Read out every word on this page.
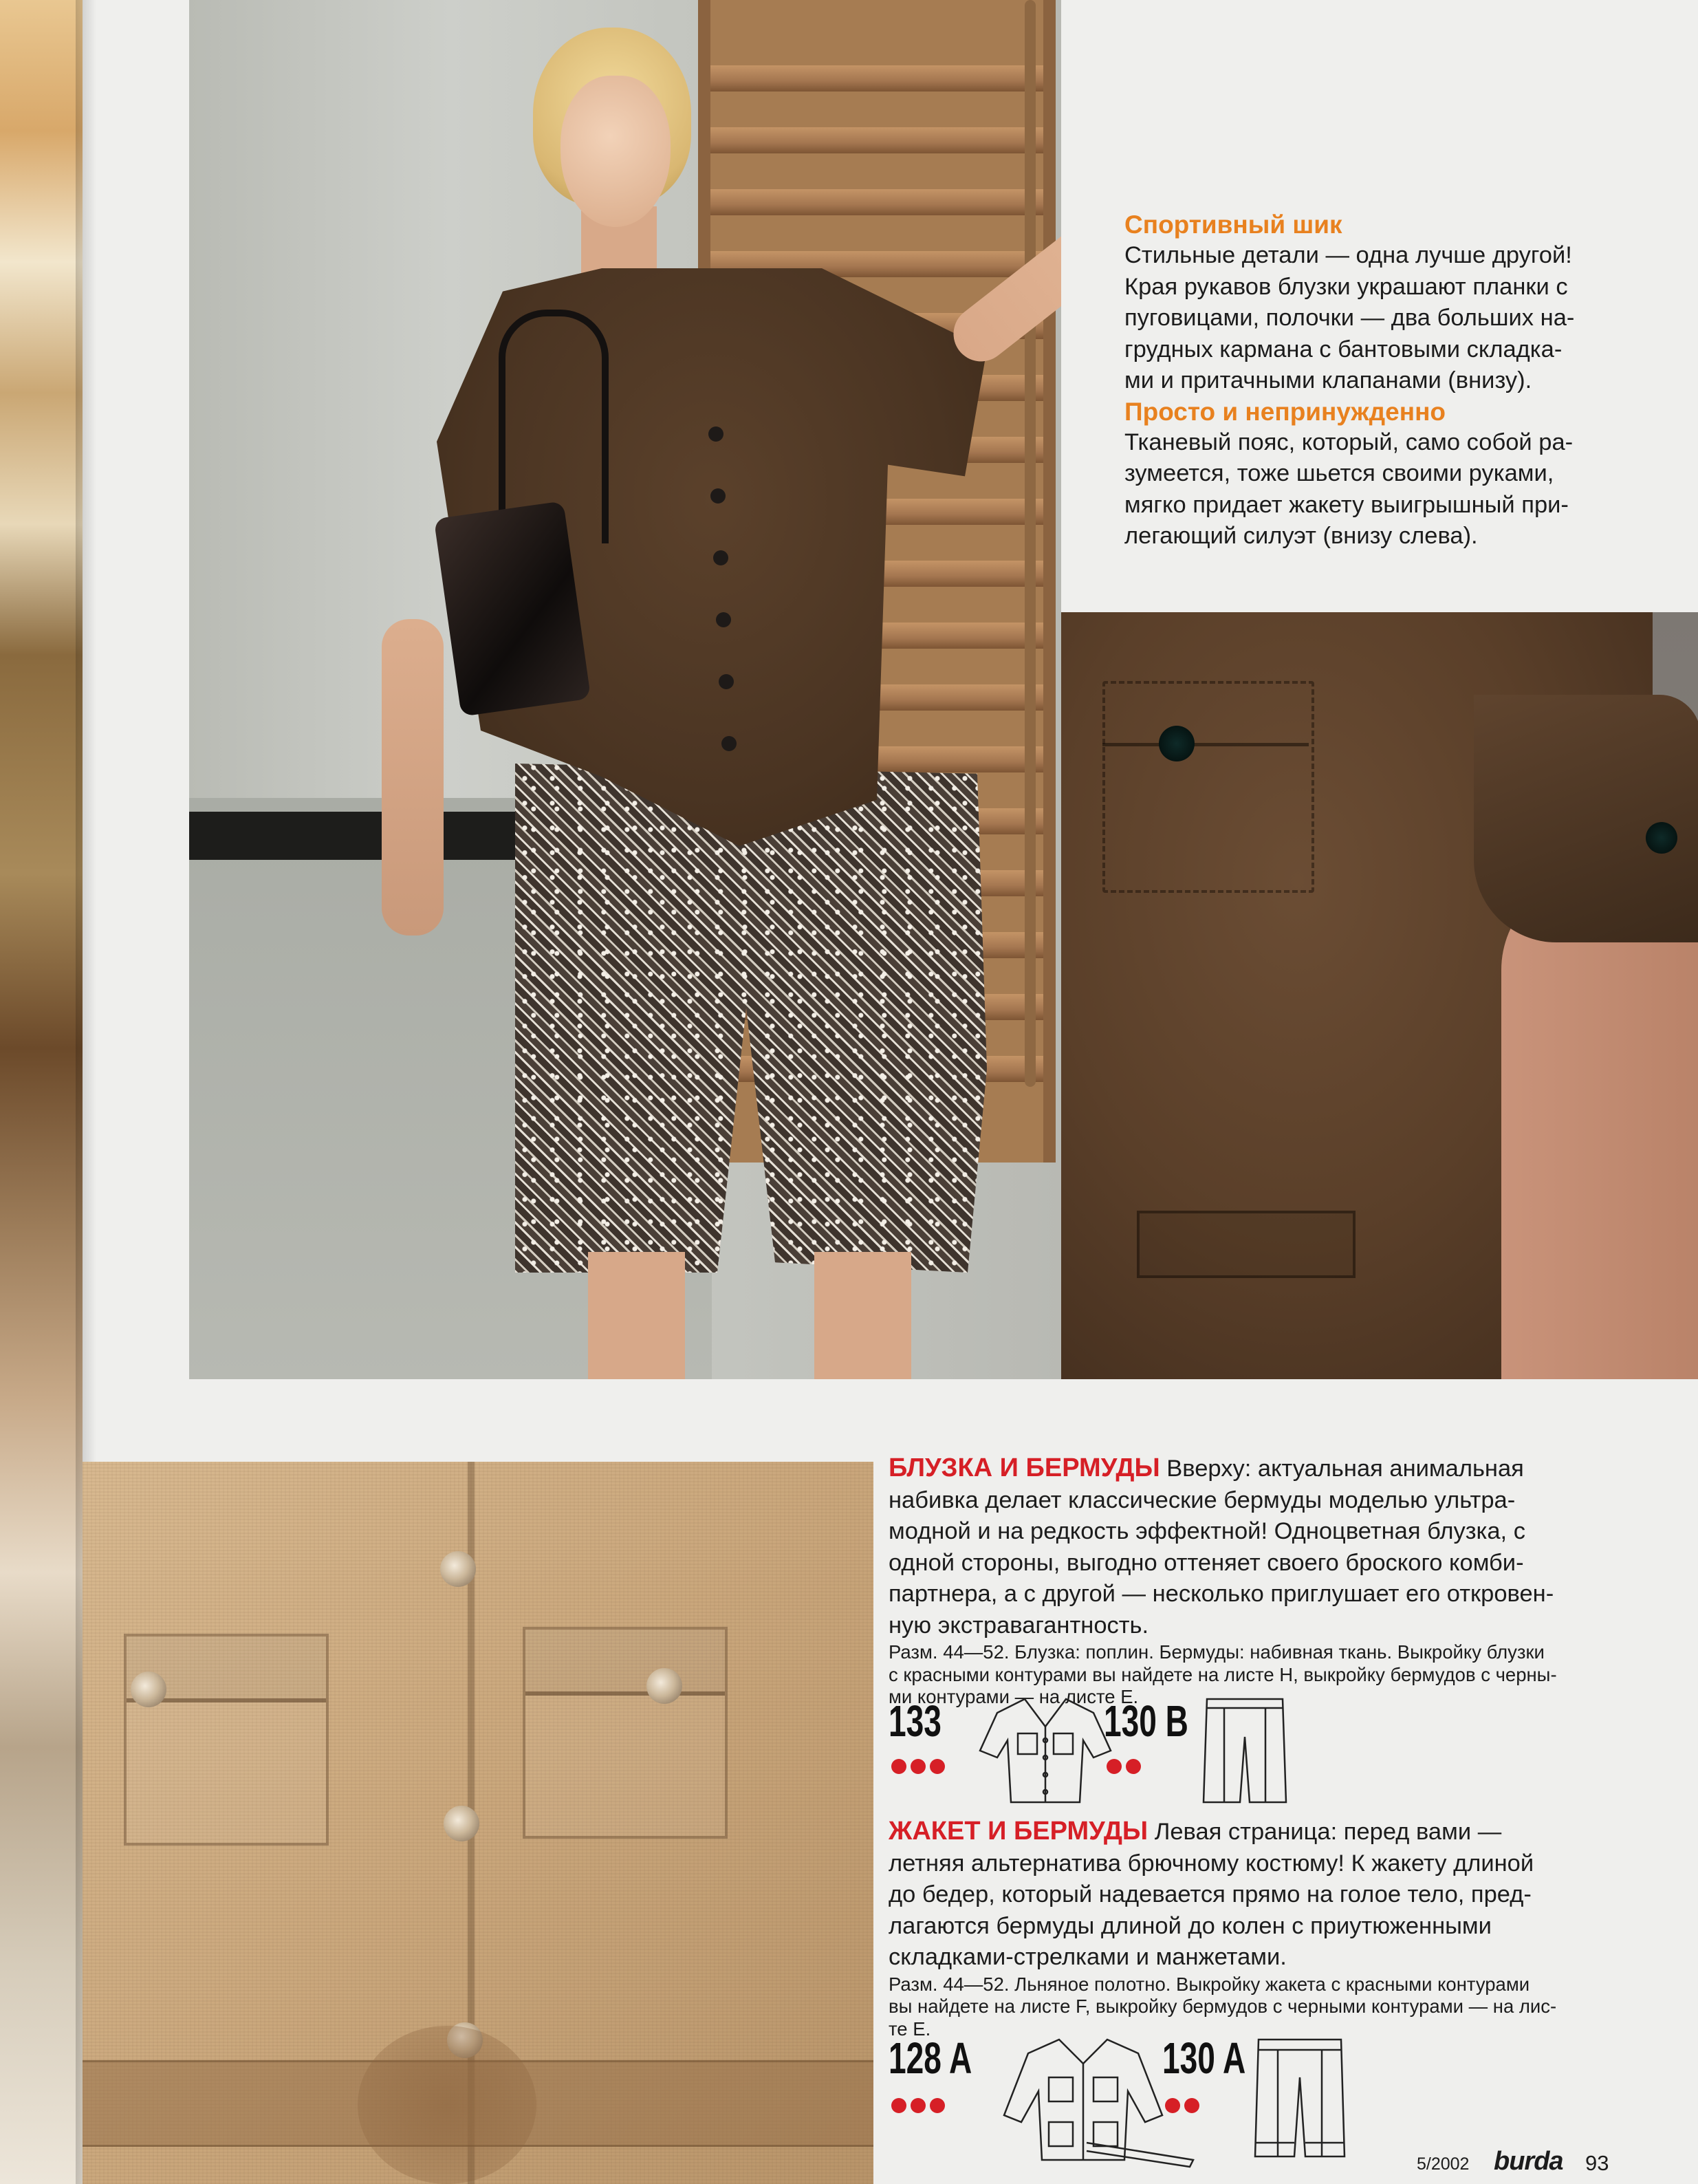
Спортивный шик
Стильные детали — одна лучше другой!
Края рукавов блузки украшают планки с
пуговицами, полочки — два больших на-
грудных кармана с бантовыми складка-
ми и притачными клапанами (внизу).
Просто и непринужденно
Тканевый пояс, который, само собой ра-
зумеется, тоже шьется своими руками,
мягко придает жакету выигрышный при-
легающий силуэт (внизу слева).
БЛУЗКА И БЕРМУДЫ Вверху: актуальная анимальная
набивка делает классические бермуды моделью ультра-
модной и на редкость эффектной! Одноцветная блузка, с
одной стороны, выгодно оттеняет своего броского комби-
партнера, а с другой — несколько приглушает его откровен-
ную экстравагантность.
Разм. 44—52. Блузка: поплин. Бермуды: набивная ткань. Выкройку блузки
с красными контурами вы найдете на листе Н, выкройку бермудов с черны-
ми контурами — на листе Е.
133	130 B
ЖАКЕТ И БЕРМУДЫ Левая страница: перед вами —
летняя альтернатива брючному костюму! К жакету длиной
до бедер, который надевается прямо на голое тело, пред-
лагаются бермуды длиной до колен с приутюженными
складками-стрелками и манжетами.
Разм. 44—52. Льняное полотно. Выкройку жакета с красными контурами
вы найдете на листе F, выкройку бермудов с черными контурами — на лис-
те Е.
128 A	130 A
5/2002 burda 93
